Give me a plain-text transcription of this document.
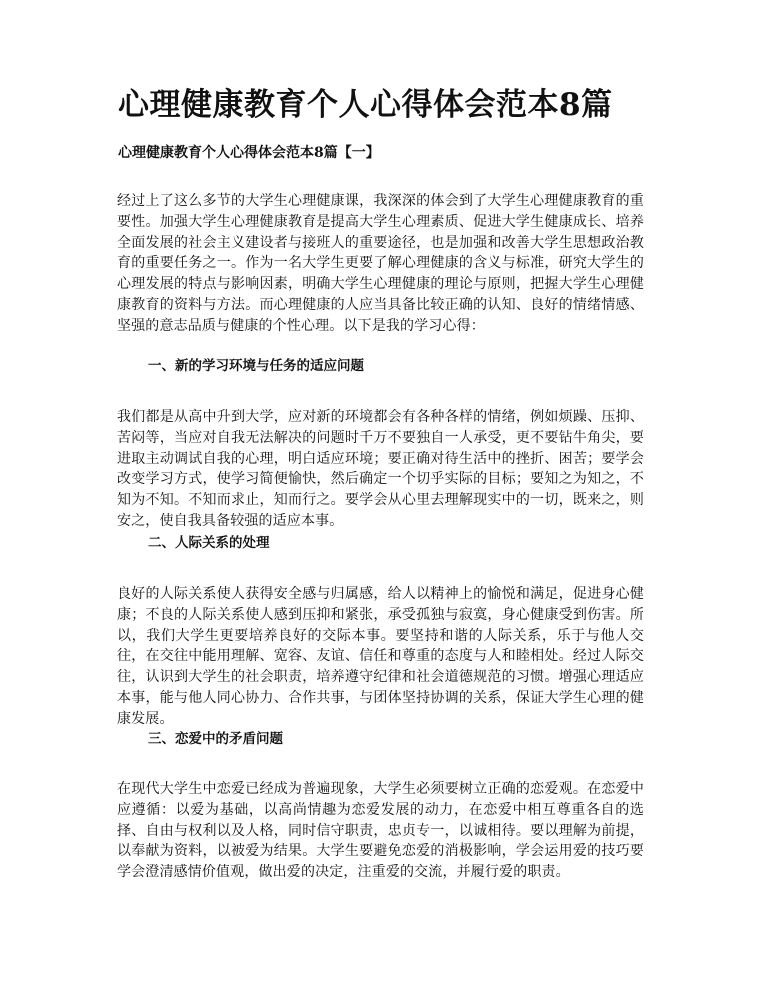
心理健康教育个人心得体会范本8篇
心理健康教育个人心得体会范本8篇【一】

经过上了这么多节的大学生心理健康课，我深深的体会到了大学生心理健康教育的重要性。加强大学生心理健康教育是提高大学生心理素质、促进大学生健康成长、培养全面发展的社会主义建设者与接班人的重要途径，也是加强和改善大学生思想政治教育的重要任务之一。作为一名大学生更要了解心理健康的含义与标准，研究大学生的心理发展的特点与影响因素，明确大学生心理健康的理论与原则，把握大学生心理健康教育的资料与方法。而心理健康的人应当具备比较正确的认知、良好的情绪情感、坚强的意志品质与健康的个性心理。以下是我的学习心得：

一、新的学习环境与任务的适应问题

我们都是从高中升到大学，应对新的环境都会有各种各样的情绪，例如烦躁、压抑、苦闷等，当应对自我无法解决的问题时千万不要独自一人承受，更不要钻牛角尖，要进取主动调试自我的心理，明白适应环境；要正确对待生活中的挫折、困苦；要学会改变学习方式，使学习简便愉快，然后确定一个切乎实际的目标；要知之为知之，不知为不知。不知而求止，知而行之。要学会从心里去理解现实中的一切，既来之，则安之，使自我具备较强的适应本事。

二、人际关系的处理

良好的人际关系使人获得安全感与归属感，给人以精神上的愉悦和满足，促进身心健康；不良的人际关系使人感到压抑和紧张，承受孤独与寂寞，身心健康受到伤害。所以，我们大学生更要培养良好的交际本事。要坚持和谐的人际关系，乐于与他人交往，在交往中能用理解、宽容、友谊、信任和尊重的态度与人和睦相处。经过人际交往，认识到大学生的社会职责，培养遵守纪律和社会道德规范的习惯。增强心理适应本事，能与他人同心协力、合作共事，与团体坚持协调的关系，保证大学生心理的健康发展。

三、恋爱中的矛盾问题

在现代大学生中恋爱已经成为普遍现象，大学生必须要树立正确的恋爱观。在恋爱中应遵循：以爱为基础，以高尚情趣为恋爱发展的动力，在恋爱中相互尊重各自的选择、自由与权利以及人格，同时信守职责，忠贞专一，以诚相待。要以理解为前提，以奉献为资料，以被爱为结果。大学生要避免恋爱的消极影响，学会运用爱的技巧要学会澄清感情价值观，做出爱的决定，注重爱的交流，并履行爱的职责。
